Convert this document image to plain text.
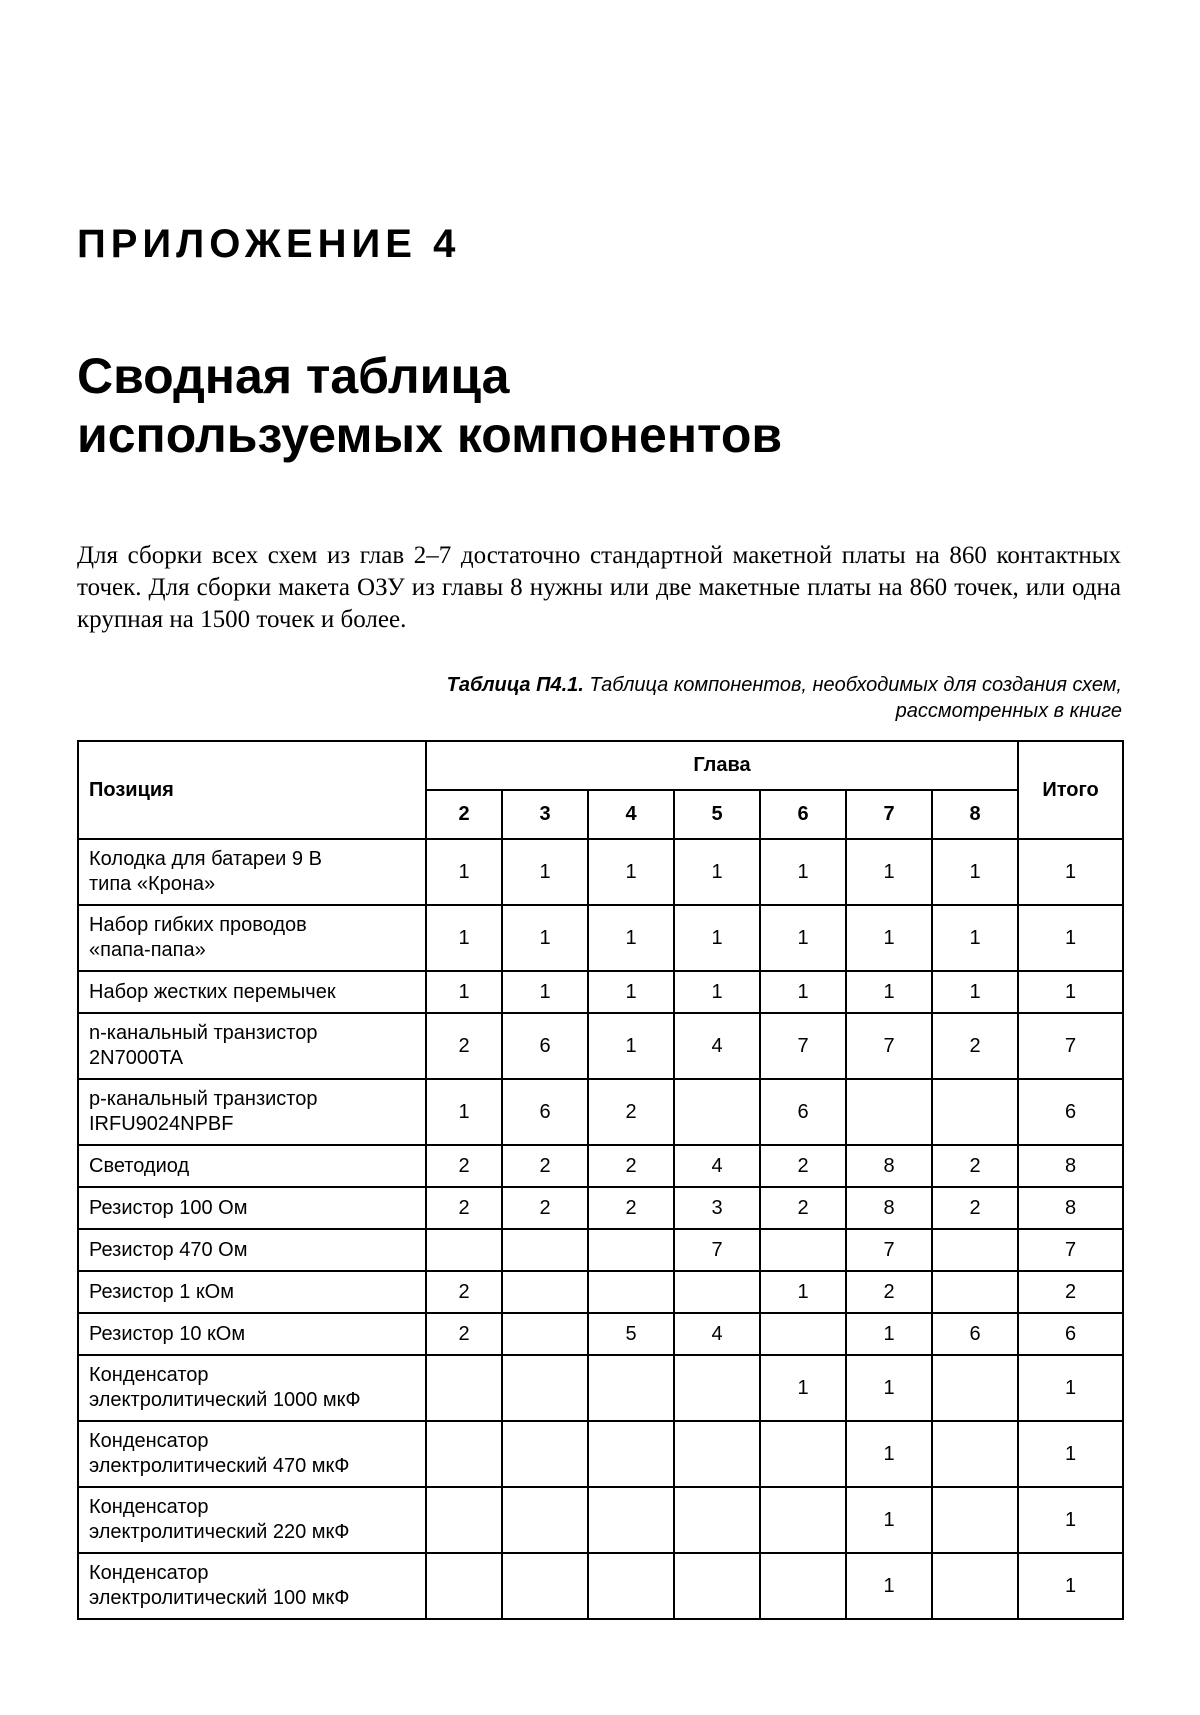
ПРИЛОЖЕНИЕ 4
Сводная таблица
используемых компонентов

Для сборки всех схем из глав 2–7 достаточно стандартной макетной платы на 860 контактных точек. Для сборки макета ОЗУ из главы 8 нужны или две макетные платы на 860 точек, или одна крупная на 1500 точек и более.

Таблица П4.1. Таблица компонентов, необходимых для создания схем,
рассмотренных в книге

Позиция	Глава							Итого
	2	3	4	5	6	7	8	

Колодка для батареи 9 В
типа «Крона»	1	1	1	1	1	1	1	1

Набор гибких проводов
«папа-папа»	1	1	1	1	1	1	1	1

Набор жестких перемычек	1	1	1	1	1	1	1	1

n-канальный транзистор
2N7000TA	2	6	1	4	7	7	2	7

p-канальный транзистор
IRFU9024NPBF	1	6	2		6			6

Светодиод	2	2	2	4	2	8	2	8

Резистор 100 Ом	2	2	2	3	2	8	2	8

Резистор 470 Ом				7		7		7

Резистор 1 кОм	2				1	2		2

Резистор 10 кОм	2		5	4		1	6	6

Конденсатор
электролитический 1000 мкФ					1	1		1

Конденсатор
электролитический 470 мкФ						1		1

Конденсатор
электролитический 220 мкФ						1		1

Конденсатор
электролитический 100 мкФ						1		1
